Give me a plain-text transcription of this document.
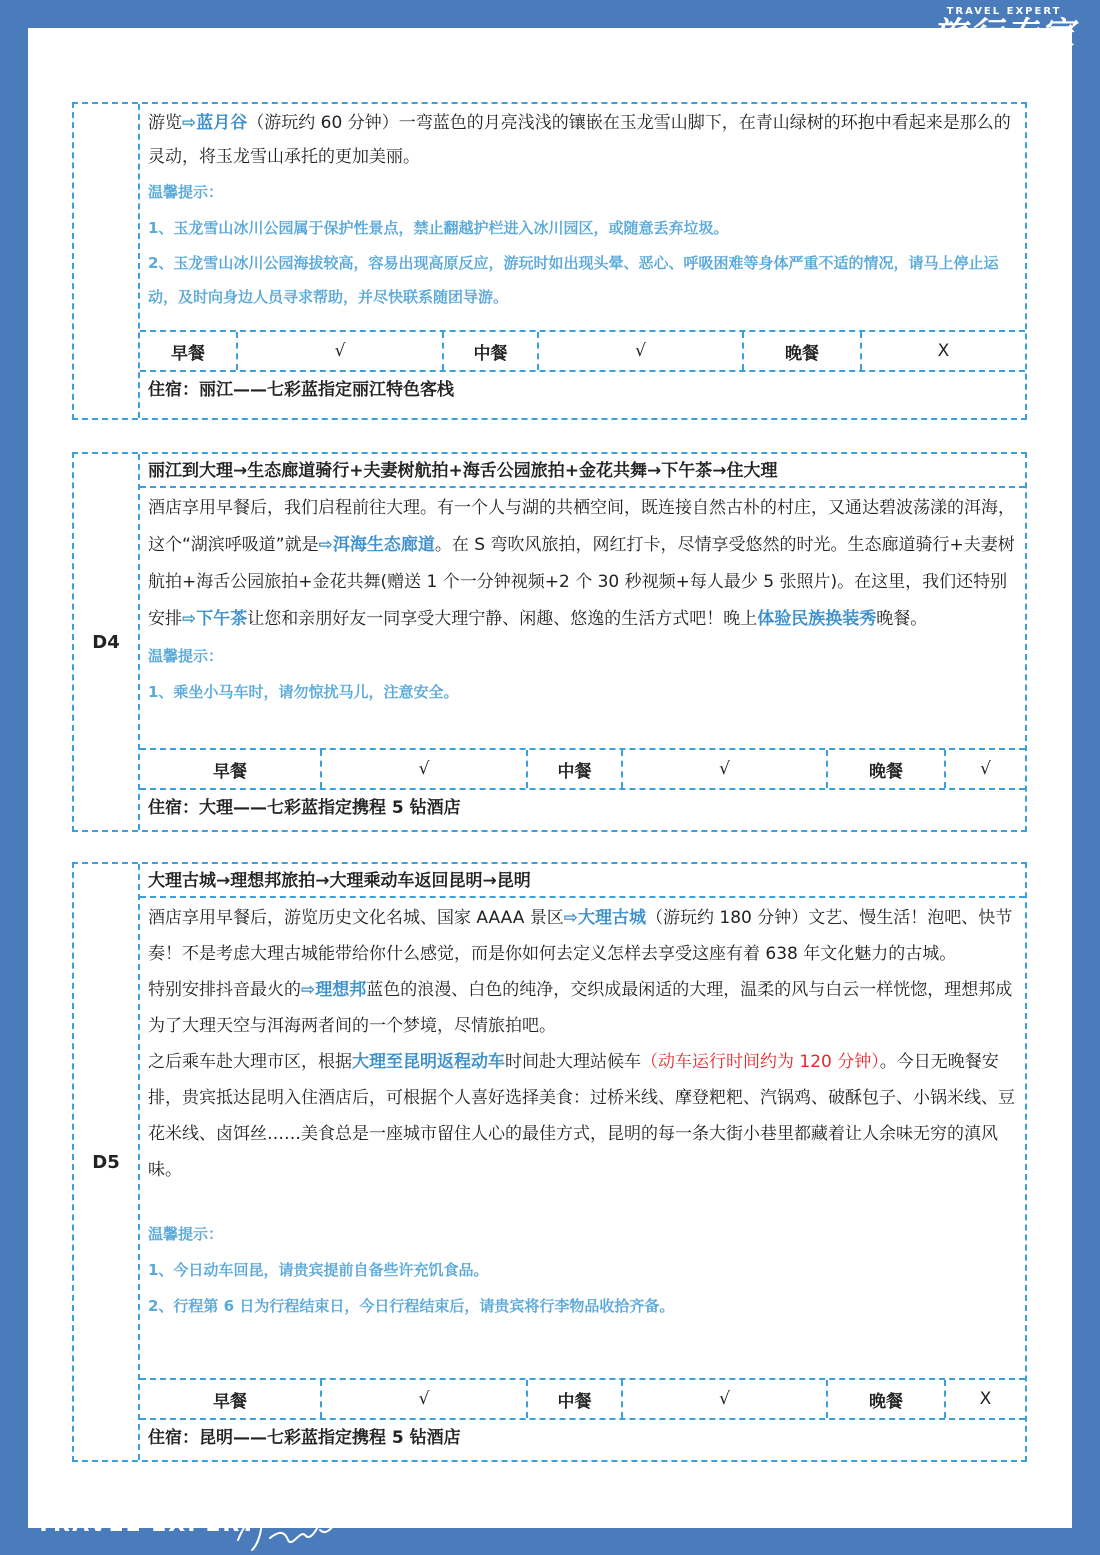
TRAVEL EXPERT
旅行专家

游览⇨蓝月谷（游玩约 60 分钟）一弯蓝色的月亮浅浅的镶嵌在玉龙雪山脚下，在青山绿树的环抱中看起来是那么的灵动，将玉龙雪山承托的更加美丽。

温馨提示：
1、玉龙雪山冰川公园属于保护性景点，禁止翻越护栏进入冰川园区，或随意丢弃垃圾。
2、玉龙雪山冰川公园海拔较高，容易出现高原反应，游玩时如出现头晕、恶心、呼吸困难等身体严重不适的情况，请马上停止运动，及时向身边人员寻求帮助，并尽快联系随团导游。
早餐	√	中餐	√	晚餐	X
住宿：丽江——七彩蓝指定丽江特色客栈
D4
丽江到大理→生态廊道骑行+夫妻树航拍+海舌公园旅拍+金花共舞→下午茶→住大理

酒店享用早餐后，我们启程前往大理。有一个人与湖的共栖空间，既连接自然古朴的村庄，又通达碧波荡漾的洱海，这个“湖滨呼吸道”就是⇨洱海生态廊道。在 S 弯吹风旅拍，网红打卡，尽情享受悠然的时光。生态廊道骑行+夫妻树航拍+海舌公园旅拍+金花共舞(赠送 1 个一分钟视频+2 个 30 秒视频+每人最少 5 张照片)。在这里，我们还特别安排⇨下午茶让您和亲朋好友一同享受大理宁静、闲趣、悠逸的生活方式吧！晚上体验民族换装秀晚餐。

温馨提示：
1、乘坐小马车时，请勿惊扰马儿，注意安全。
早餐	√	中餐	√	晚餐	√
住宿：大理——七彩蓝指定携程 5 钻酒店
D5
大理古城→理想邦旅拍→大理乘动车返回昆明→昆明

酒店享用早餐后，游览历史文化名城、国家 AAAA 景区⇨大理古城（游玩约 180 分钟）文艺、慢生活！泡吧、快节奏！不是考虑大理古城能带给你什么感觉，而是你如何去定义怎样去享受这座有着 638 年文化魅力的古城。

特别安排抖音最火的⇨理想邦蓝色的浪漫、白色的纯净，交织成最闲适的大理，温柔的风与白云一样恍惚，理想邦成为了大理天空与洱海两者间的一个梦境，尽情旅拍吧。

之后乘车赴大理市区，根据大理至昆明返程动车时间赴大理站候车（动车运行时间约为 120 分钟）。今日无晚餐安排，贵宾抵达昆明入住酒店后，可根据个人喜好选择美食：过桥米线、摩登粑粑、汽锅鸡、破酥包子、小锅米线、豆花米线、卤饵丝……美食总是一座城市留住人心的最佳方式，昆明的每一条大街小巷里都藏着让人余味无穷的滇风味。

温馨提示：
1、今日动车回昆，请贵宾提前自备些许充饥食品。
2、行程第 6 日为行程结束日，今日行程结束后，请贵宾将行李物品收拾齐备。
早餐	√	中餐	√	晚餐	X
住宿：昆明——七彩蓝指定携程 5 钻酒店
TRAVEL EXPERT
